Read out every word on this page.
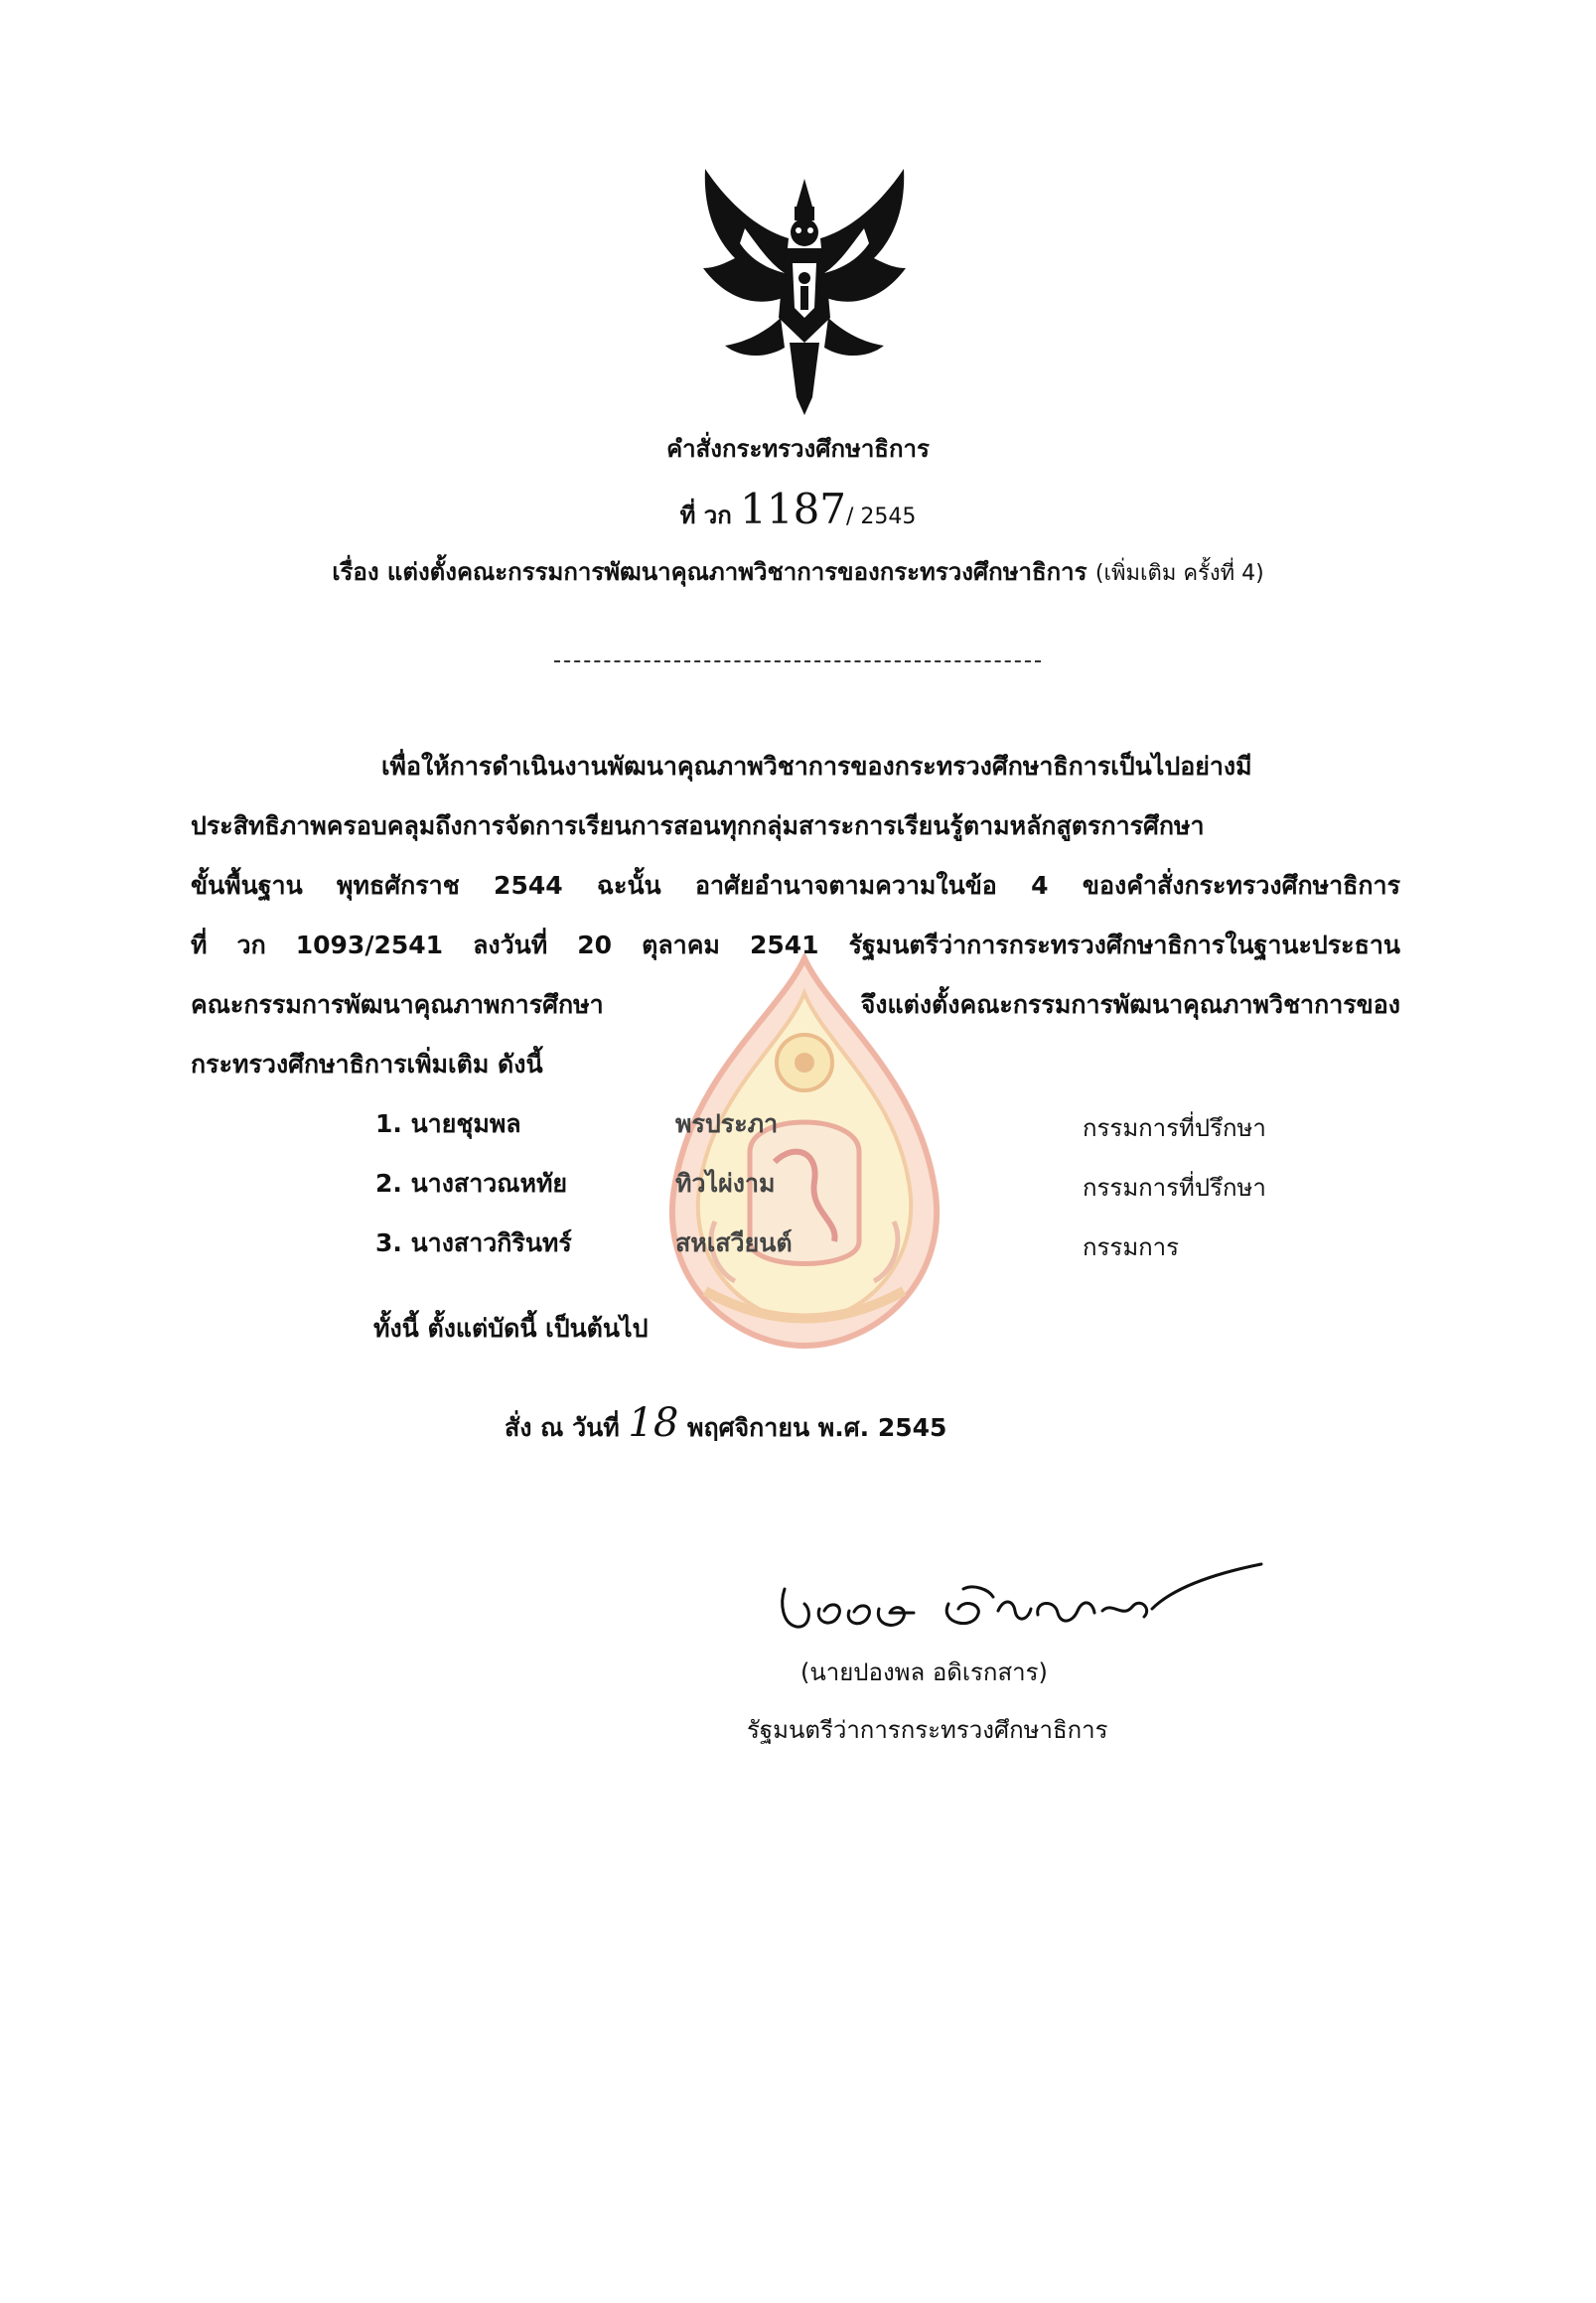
คำสั่งกระทรวงศึกษาธิการ
ที่ วก 1187/ 2545
เรื่อง แต่งตั้งคณะกรรมการพัฒนาคุณภาพวิชาการของกระทรวงศึกษาธิการ (เพิ่มเติม ครั้งที่ 4)
เพื่อให้การดำเนินงานพัฒนาคุณภาพวิชาการของกระทรวงศึกษาธิการเป็นไปอย่างมี
ประสิทธิภาพครอบคลุมถึงการจัดการเรียนการสอนทุกกลุ่มสาระการเรียนรู้ตามหลักสูตรการศึกษา
ขั้นพื้นฐาน พุทธศักราช 2544 ฉะนั้น อาศัยอำนาจตามความในข้อ 4 ของคำสั่งกระทรวงศึกษาธิการ
ที่ วก 1093/2541 ลงวันที่ 20 ตุลาคม 2541 รัฐมนตรีว่าการกระทรวงศึกษาธิการในฐานะประธาน
คณะกรรมการพัฒนาคุณภาพการศึกษา จึงแต่งตั้งคณะกรรมการพัฒนาคุณภาพวิชาการของ
กระทรวงศึกษาธิการเพิ่มเติม ดังนี้
1. นายชุมพล	พรประภา	กรรมการที่ปรึกษา
2. นางสาวณหทัย	ทิวไผ่งาม	กรรมการที่ปรึกษา
3. นางสาวกิรินทร์	สหเสวียนต์	กรรมการ
ทั้งนี้ ตั้งแต่บัดนี้ เป็นต้นไป
สั่ง ณ วันที่ 18 พฤศจิกายน พ.ศ. 2545
(นายปองพล อดิเรกสาร)
รัฐมนตรีว่าการกระทรวงศึกษาธิการ
